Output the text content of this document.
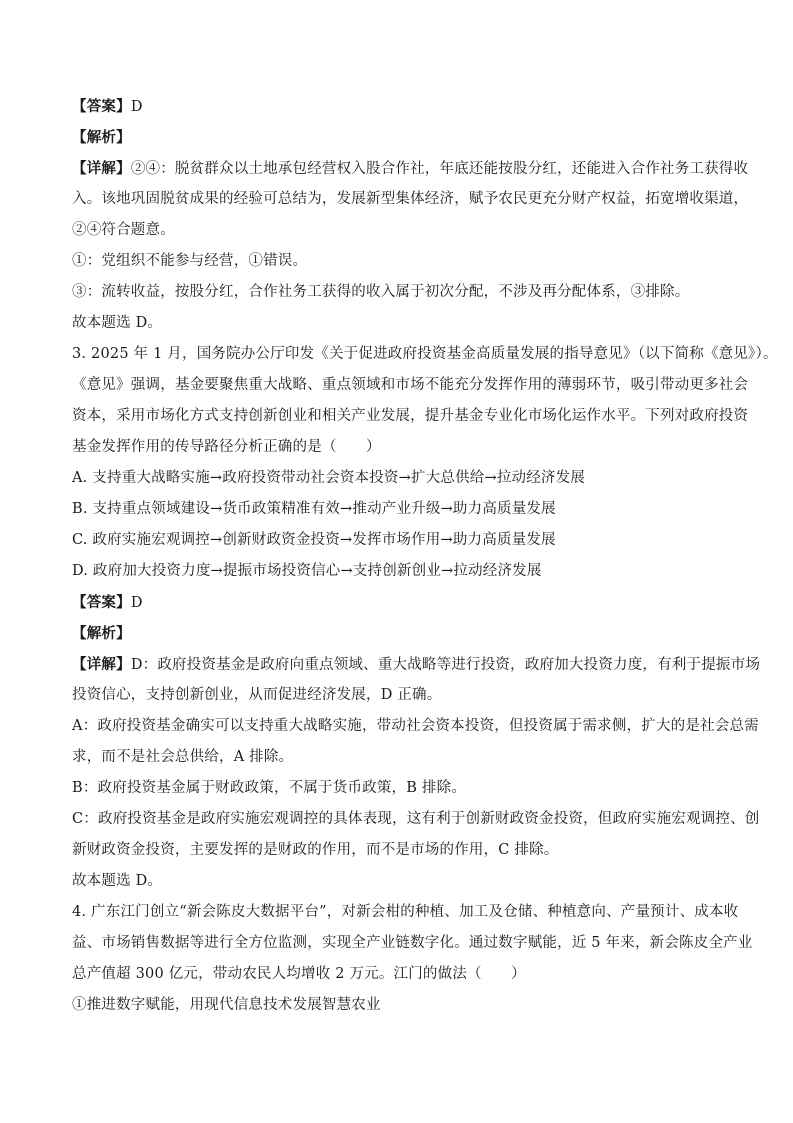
【答案】D
【解析】
【详解】②④：脱贫群众以土地承包经营权入股合作社，年底还能按股分红，还能进入合作社务工获得收
入。该地巩固脱贫成果的经验可总结为，发展新型集体经济，赋予农民更充分财产权益，拓宽增收渠道，
②④符合题意。
①：党组织不能参与经营，①错误。
③：流转收益，按股分红，合作社务工获得的收入属于初次分配，不涉及再分配体系，③排除。
故本题选 D。
3. 2025 年 1 月，国务院办公厅印发《关于促进政府投资基金高质量发展的指导意见》（以下简称《意见》）。
《意见》强调，基金要聚焦重大战略、重点领域和市场不能充分发挥作用的薄弱环节，吸引带动更多社会
资本，采用市场化方式支持创新创业和相关产业发展，提升基金专业化市场化运作水平。下列对政府投资
基金发挥作用的传导路径分析正确的是（　　）
A. 支持重大战略实施→政府投资带动社会资本投资→扩大总供给→拉动经济发展
B. 支持重点领域建设→货币政策精准有效→推动产业升级→助力高质量发展
C. 政府实施宏观调控→创新财政资金投资→发挥市场作用→助力高质量发展
D. 政府加大投资力度→提振市场投资信心→支持创新创业→拉动经济发展
【答案】D
【解析】
【详解】D：政府投资基金是政府向重点领域、重大战略等进行投资，政府加大投资力度，有利于提振市场
投资信心，支持创新创业，从而促进经济发展，D 正确。
A：政府投资基金确实可以支持重大战略实施，带动社会资本投资，但投资属于需求侧，扩大的是社会总需
求，而不是社会总供给，A 排除。
B：政府投资基金属于财政政策，不属于货币政策，B 排除。
C：政府投资基金是政府实施宏观调控的具体表现，这有利于创新财政资金投资，但政府实施宏观调控、创
新财政资金投资，主要发挥的是财政的作用，而不是市场的作用，C 排除。
故本题选 D。
4. 广东江门创立“新会陈皮大数据平台”，对新会柑的种植、加工及仓储、种植意向、产量预计、成本收
益、市场销售数据等进行全方位监测，实现全产业链数字化。通过数字赋能，近 5 年来，新会陈皮全产业
总产值超 300 亿元，带动农民人均增收 2 万元。江门的做法（　　）
①推进数字赋能，用现代信息技术发展智慧农业
